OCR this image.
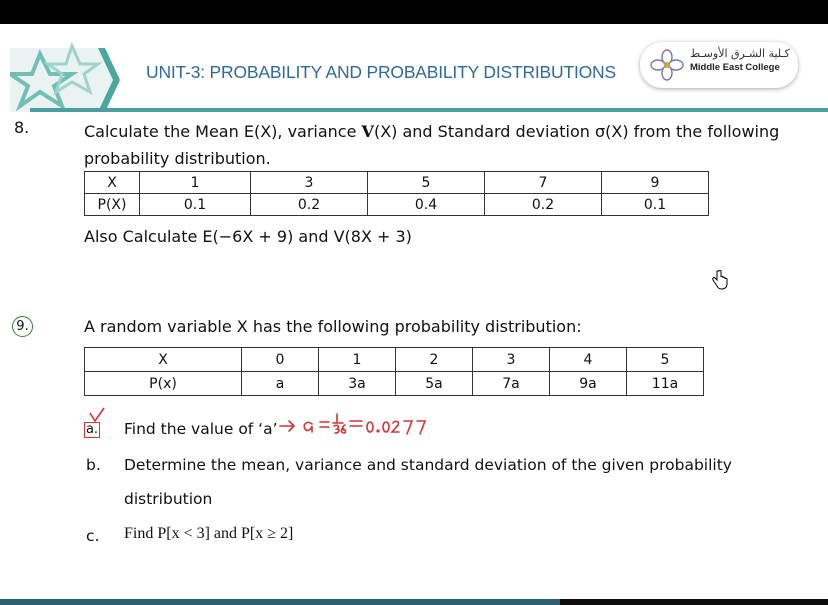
UNIT-3: PROBABILITY AND PROBABILITY DISTRIBUTIONS
كـلية الشـرق الأوسـط
Middle East College
8.	Calculate the Mean E(X), variance V(X) and Standard deviation σ(X) from the following probability distribution.
X	1	3	5	7	9
P(X)	0.1	0.2	0.4	0.2	0.1
Also Calculate E(−6X + 9) and V(8X + 3)
9.	A random variable X has the following probability distribution:
X	0	1	2	3	4	5
P(x)	a	3a	5a	7a	9a	11a
a. Find the value of ‘a’
a = 1/36 = 0.0277
b. Determine the mean, variance and standard deviation of the given probability
distribution
c. Find P[x < 3] and P[x ≥ 2]
